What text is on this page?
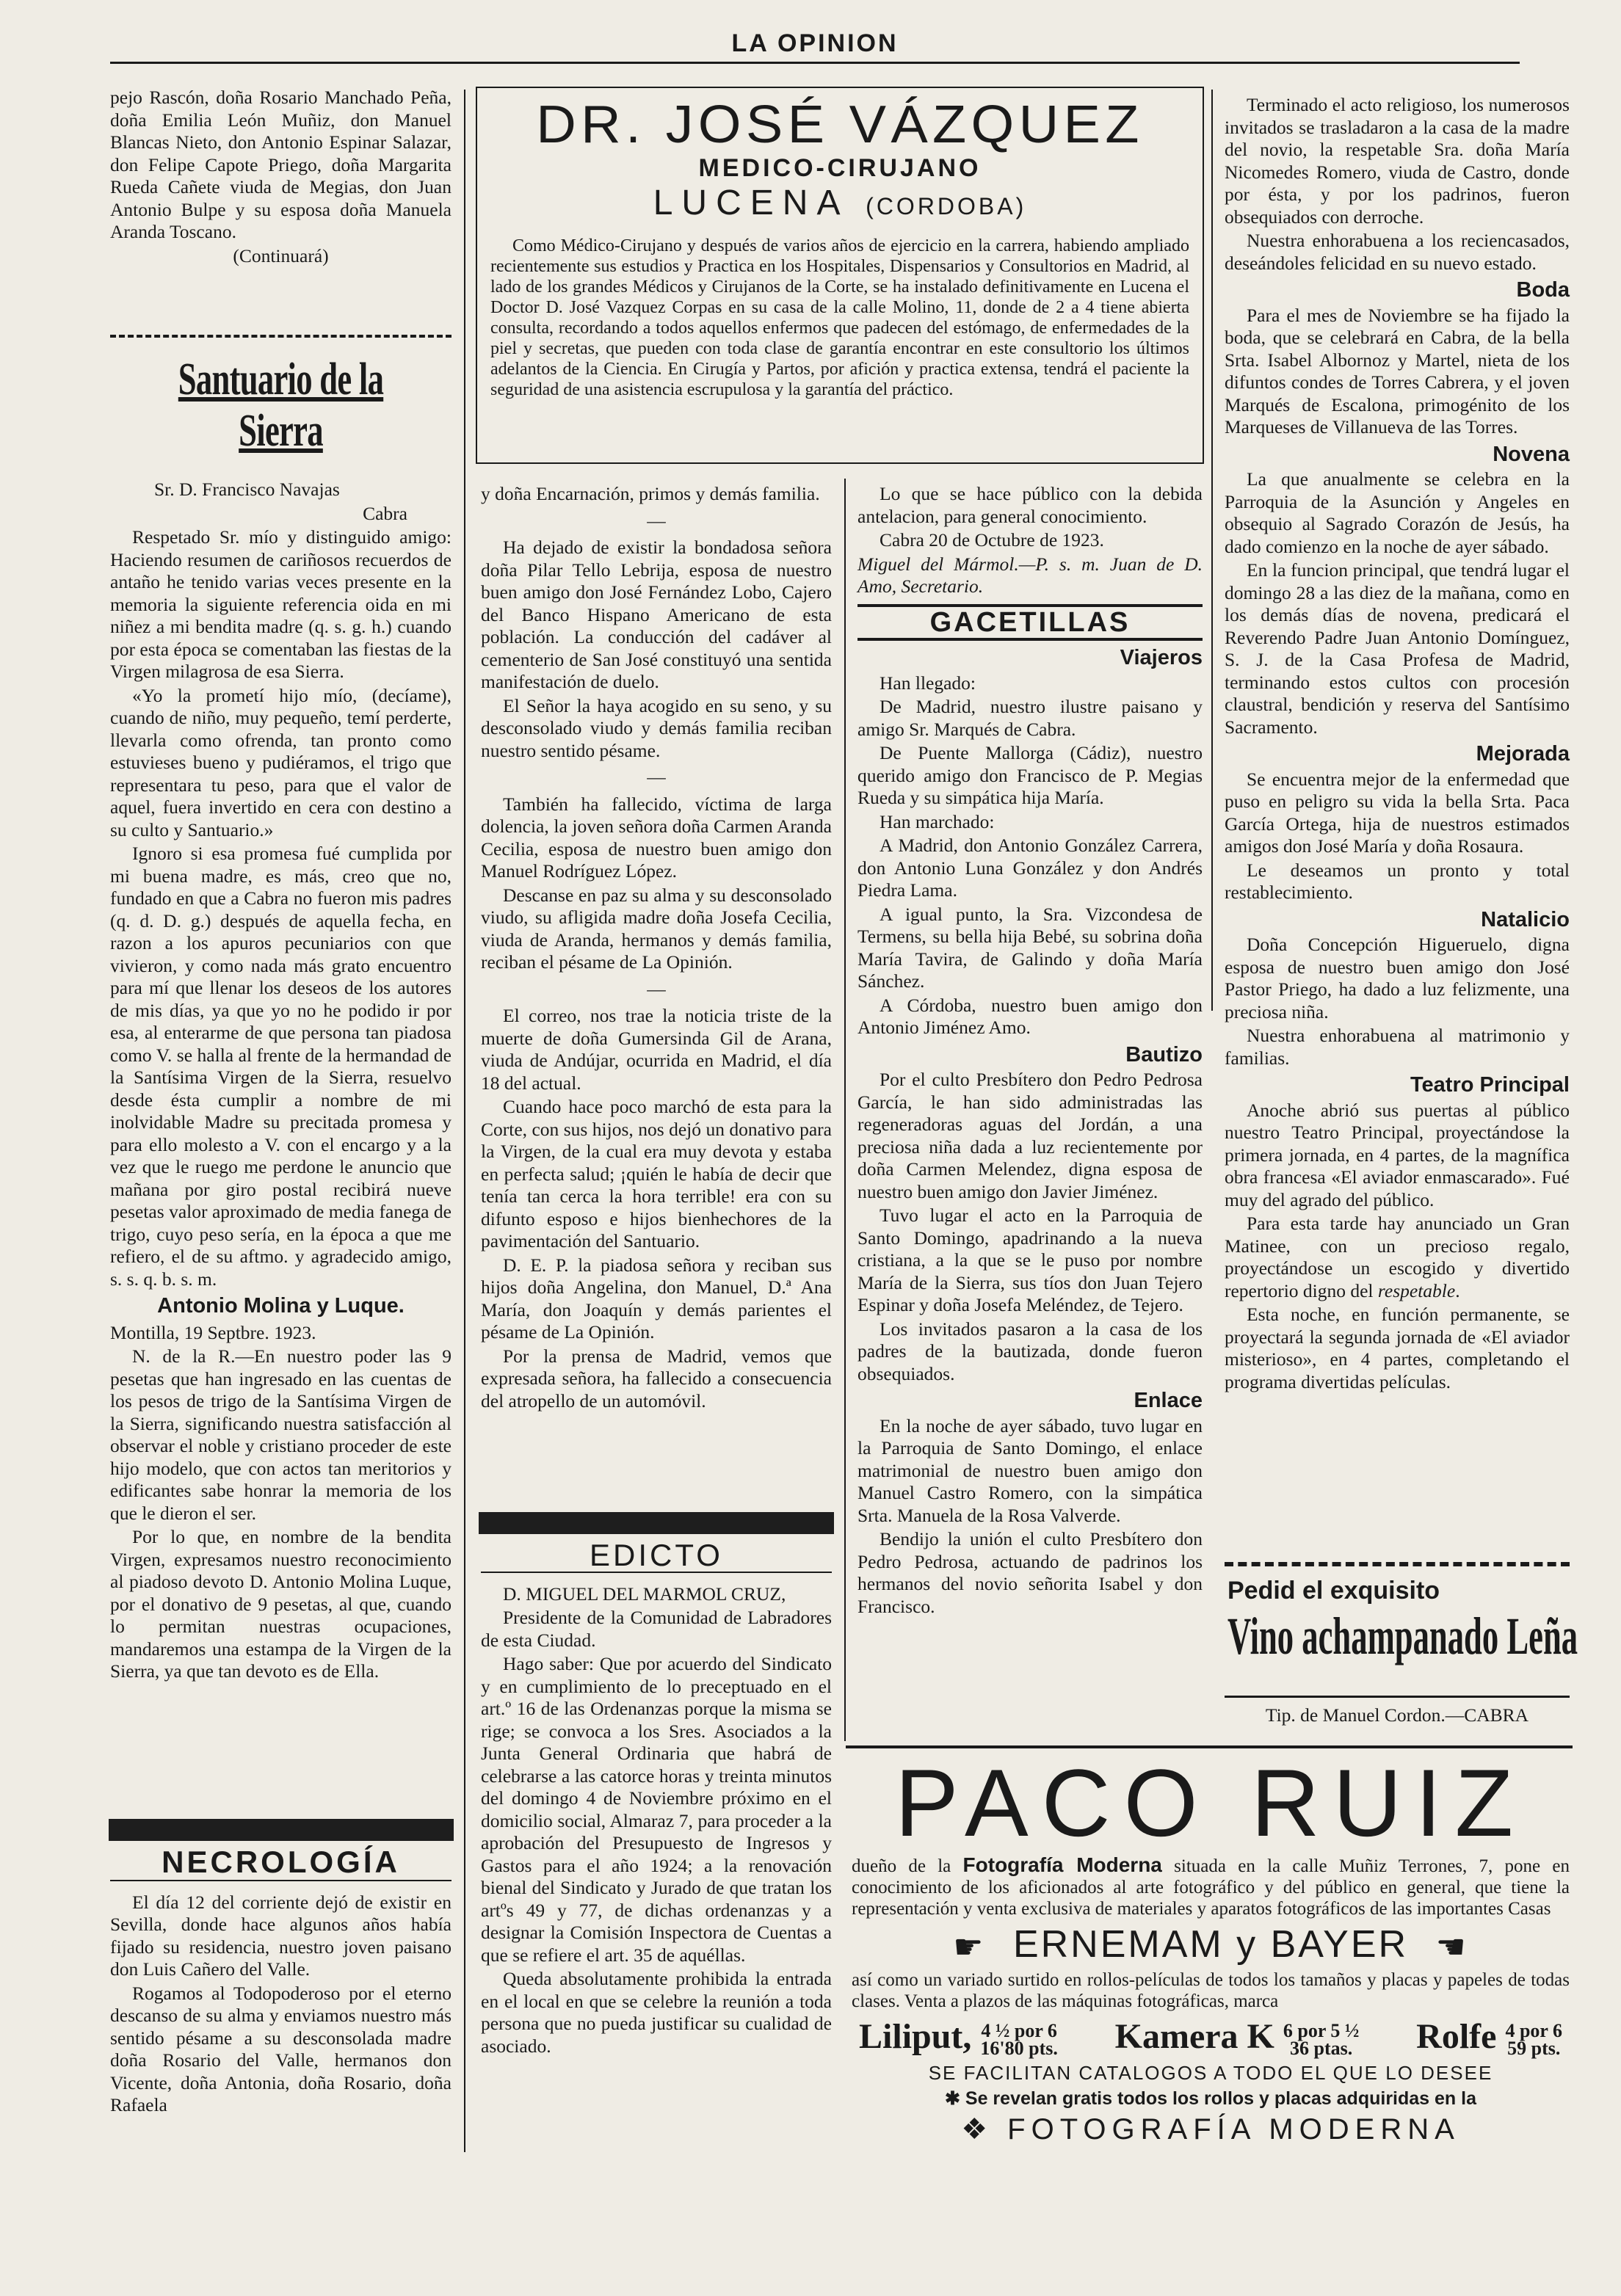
LA OPINION

pejo Rascón, doña Rosario Manchado Peña, doña Emilia León Muñiz, don Manuel Blancas Nieto, don Antonio Espinar Salazar, don Felipe Capote Priego, doña Margarita Rueda Cañete viuda de Megias, don Juan Antonio Bulpe y su esposa doña Manuela Aranda Toscano.

(Continuará)

Santuario de la Sierra

Sr. D. Francisco Navajas

Cabra

Respetado Sr. mío y distinguido amigo: Haciendo resumen de cariñosos recuerdos de antaño he tenido varias veces presente en la memoria la siguiente referencia oida en mi niñez a mi bendita madre (q. s. g. h.) cuando por esta época se comentaban las fiestas de la Virgen milagrosa de esa Sierra.

«Yo la prometí hijo mío, (decíame), cuando de niño, muy pequeño, temí perderte, llevarla como ofrenda, tan pronto como estuvieses bueno y pudiéramos, el trigo que representara tu peso, para que el valor de aquel, fuera invertido en cera con destino a su culto y Santuario.»

Ignoro si esa promesa fué cumplida por mi buena madre, es más, creo que no, fundado en que a Cabra no fueron mis padres (q. d. D. g.) después de aquella fecha, en razon a los apuros pecuniarios con que vivieron, y como nada más grato encuentro para mí que llenar los deseos de los autores de mis días, ya que yo no he podido ir por esa, al enterarme de que persona tan piadosa como V. se halla al frente de la hermandad de la Santísima Virgen de la Sierra, resuelvo desde ésta cumplir a nombre de mi inolvidable Madre su precitada promesa y para ello molesto a V. con el encargo y a la vez que le ruego me perdone le anuncio que mañana por giro postal recibirá nueve pesetas valor aproximado de media fanega de trigo, cuyo peso sería, en la época a que me refiero, el de su aftmo. y agradecido amigo, s. s. q. b. s. m.

Antonio Molina y Luque.

Montilla, 19 Septbre. 1923.

N. de la R.—En nuestro poder las 9 pesetas que han ingresado en las cuentas de los pesos de trigo de la Santísima Virgen de la Sierra, significando nuestra satisfacción al observar el noble y cristiano proceder de este hijo modelo, que con actos tan meritorios y edificantes sabe honrar la memoria de los que le dieron el ser.

Por lo que, en nombre de la bendita Virgen, expresamos nuestro reconocimiento al piadoso devoto D. Antonio Molina Luque, por el donativo de 9 pesetas, al que, cuando lo permitan nuestras ocupaciones, mandaremos una estampa de la Virgen de la Sierra, ya que tan devoto es de Ella.

NECROLOGÍA

El día 12 del corriente dejó de existir en Sevilla, donde hace algunos años había fijado su residencia, nuestro joven paisano don Luis Cañero del Valle.

Rogamos al Todopoderoso por el eterno descanso de su alma y enviamos nuestro más sentido pésame a su desconsolada madre doña Rosario del Valle, hermanos don Vicente, doña Antonia, doña Rosario, doña Rafaela

DR. JOSÉ VÁZQUEZ
MEDICO-CIRUJANO
LUCENA (CORDOBA)

Como Médico-Cirujano y después de varios años de ejercicio en la carrera, habiendo ampliado recientemente sus estudios y Practica en los Hospitales, Dispensarios y Consultorios en Madrid, al lado de los grandes Médicos y Cirujanos de la Corte, se ha instalado definitivamente en Lucena el Doctor D. José Vazquez Corpas en su casa de la calle Molino, 11, donde de 2 a 4 tiene abierta consulta, recordando a todos aquellos enfermos que padecen del estómago, de enfermedades de la piel y secretas, que pueden con toda clase de garantía encontrar en este consultorio los últimos adelantos de la Ciencia. En Cirugía y Partos, por afición y practica extensa, tendrá el paciente la seguridad de una asistencia escrupulosa y la garantía del práctico.

y doña Encarnación, primos y demás familia.

—

Ha dejado de existir la bondadosa señora doña Pilar Tello Lebrija, esposa de nuestro buen amigo don José Fernández Lobo, Cajero del Banco Hispano Americano de esta población. La conducción del cadáver al cementerio de San José constituyó una sentida manifestación de duelo.

El Señor la haya acogido en su seno, y su desconsolado viudo y demás familia reciban nuestro sentido pésame.

—

También ha fallecido, víctima de larga dolencia, la joven señora doña Carmen Aranda Cecilia, esposa de nuestro buen amigo don Manuel Rodríguez López.

Descanse en paz su alma y su desconsolado viudo, su afligida madre doña Josefa Cecilia, viuda de Aranda, hermanos y demás familia, reciban el pésame de La Opinión.

—

El correo, nos trae la noticia triste de la muerte de doña Gumersinda Gil de Arana, viuda de Andújar, ocurrida en Madrid, el día 18 del actual.

Cuando hace poco marchó de esta para la Corte, con sus hijos, nos dejó un donativo para la Virgen, de la cual era muy devota y estaba en perfecta salud; ¡quién le había de decir que tenía tan cerca la hora terrible! era con su difunto esposo e hijos bienhechores de la pavimentación del Santuario.

D. E. P. la piadosa señora y reciban sus hijos doña Angelina, don Manuel, D.ª Ana María, don Joaquín y demás parientes el pésame de La Opinión.

Por la prensa de Madrid, vemos que expresada señora, ha fallecido a consecuencia del atropello de un automóvil.

EDICTO

D. MIGUEL DEL MARMOL CRUZ,

Presidente de la Comunidad de Labradores de esta Ciudad.

Hago saber: Que por acuerdo del Sindicato y en cumplimiento de lo preceptuado en el art.º 16 de las Ordenanzas porque la misma se rige; se convoca a los Sres. Asociados a la Junta General Ordinaria que habrá de celebrarse a las catorce horas y treinta minutos del domingo 4 de Noviembre próximo en el domicilio social, Almaraz 7, para proceder a la aprobación del Presupuesto de Ingresos y Gastos para el año 1924; a la renovación bienal del Sindicato y Jurado de que tratan los artºs 49 y 77, de dichas ordenanzas y a designar la Comisión Inspectora de Cuentas a que se refiere el art. 35 de aquéllas.

Queda absolutamente prohibida la entrada en el local en que se celebre la reunión a toda persona que no pueda justificar su cualidad de asociado.

Lo que se hace público con la debida antelacion, para general conocimiento.

Cabra 20 de Octubre de 1923.

Miguel del Mármol.—P. s. m. Juan de D. Amo, Secretario.

GACETILLAS
Viajeros

Han llegado:

De Madrid, nuestro ilustre paisano y amigo Sr. Marqués de Cabra.

De Puente Mallorga (Cádiz), nuestro querido amigo don Francisco de P. Megias Rueda y su simpática hija María.

Han marchado:

A Madrid, don Antonio González Carrera, don Antonio Luna González y don Andrés Piedra Lama.

A igual punto, la Sra. Vizcondesa de Termens, su bella hija Bebé, su sobrina doña María Tavira, de Galindo y doña María Sánchez.

A Córdoba, nuestro buen amigo don Antonio Jiménez Amo.

Bautizo

Por el culto Presbítero don Pedro Pedrosa García, le han sido administradas las regeneradoras aguas del Jordán, a una preciosa niña dada a luz recientemente por doña Carmen Melendez, digna esposa de nuestro buen amigo don Javier Jiménez.

Tuvo lugar el acto en la Parroquia de Santo Domingo, apadrinando a la nueva cristiana, a la que se le puso por nombre María de la Sierra, sus tíos don Juan Tejero Espinar y doña Josefa Meléndez, de Tejero.

Los invitados pasaron a la casa de los padres de la bautizada, donde fueron obsequiados.

Enlace

En la noche de ayer sábado, tuvo lugar en la Parroquia de Santo Domingo, el enlace matrimonial de nuestro buen amigo don Manuel Castro Romero, con la simpática Srta. Manuela de la Rosa Valverde.

Bendijo la unión el culto Presbítero don Pedro Pedrosa, actuando de padrinos los hermanos del novio señorita Isabel y don Francisco.

Terminado el acto religioso, los numerosos invitados se trasladaron a la casa de la madre del novio, la respetable Sra. doña María Nicomedes Romero, viuda de Castro, donde por ésta, y por los padrinos, fueron obsequiados con derroche.

Nuestra enhorabuena a los reciencasados, deseándoles felicidad en su nuevo estado.

Boda

Para el mes de Noviembre se ha fijado la boda, que se celebrará en Cabra, de la bella Srta. Isabel Albornoz y Martel, nieta de los difuntos condes de Torres Cabrera, y el joven Marqués de Escalona, primogénito de los Marqueses de Villanueva de las Torres.

Novena

La que anualmente se celebra en la Parroquia de la Asunción y Angeles en obsequio al Sagrado Corazón de Jesús, ha dado comienzo en la noche de ayer sábado.

En la funcion principal, que tendrá lugar el domingo 28 a las diez de la mañana, como en los demás días de novena, predicará el Reverendo Padre Juan Antonio Domínguez, S. J. de la Casa Profesa de Madrid, terminando estos cultos con procesión claustral, bendición y reserva del Santísimo Sacramento.

Mejorada

Se encuentra mejor de la enfermedad que puso en peligro su vida la bella Srta. Paca García Ortega, hija de nuestros estimados amigos don José María y doña Rosaura.

Le deseamos un pronto y total restablecimiento.

Natalicio

Doña Concepción Higueruelo, digna esposa de nuestro buen amigo don José Pastor Priego, ha dado a luz felizmente, una preciosa niña.

Nuestra enhorabuena al matrimonio y familias.

Teatro Principal

Anoche abrió sus puertas al público nuestro Teatro Principal, proyectándose la primera jornada, en 4 partes, de la magnífica obra francesa «El aviador enmascarado». Fué muy del agrado del público.

Para esta tarde hay anunciado un Gran Matinee, con un precioso regalo, proyectándose un escogido y divertido repertorio digno del respetable.

Esta noche, en función permanente, se proyectará la segunda jornada de «El aviador misterioso», en 4 partes, completando el programa divertidas películas.

Pedid el exquisito
Vino achampanado Leña

Tip. de Manuel Cordon.—CABRA

PACO RUIZ

dueño de la Fotografía Moderna situada en la calle Muñiz Terrones, 7, pone en conocimiento de los aficionados al arte fotográfico y del público en general, que tiene la representación y venta exclusiva de materiales y aparatos fotográficos de las importantes Casas

☛ ERNEMAM y BAYER ☚

así como un variado surtido en rollos-películas de todos los tamaños y placas y papeles de todas clases. Venta a plazos de las máquinas fotográficas, marca

Liliput, 4 ½ por 6
16'80 pts. Kamera K 6 por 5 ½
36 ptas. Rolfe 4 por 6
59 pts.
SE FACILITAN CATALOGOS A TODO EL QUE LO DESEE
✱ Se revelan gratis todos los rollos y placas adquiridas en la
❖ FOTOGRAFÍA MODERNA
